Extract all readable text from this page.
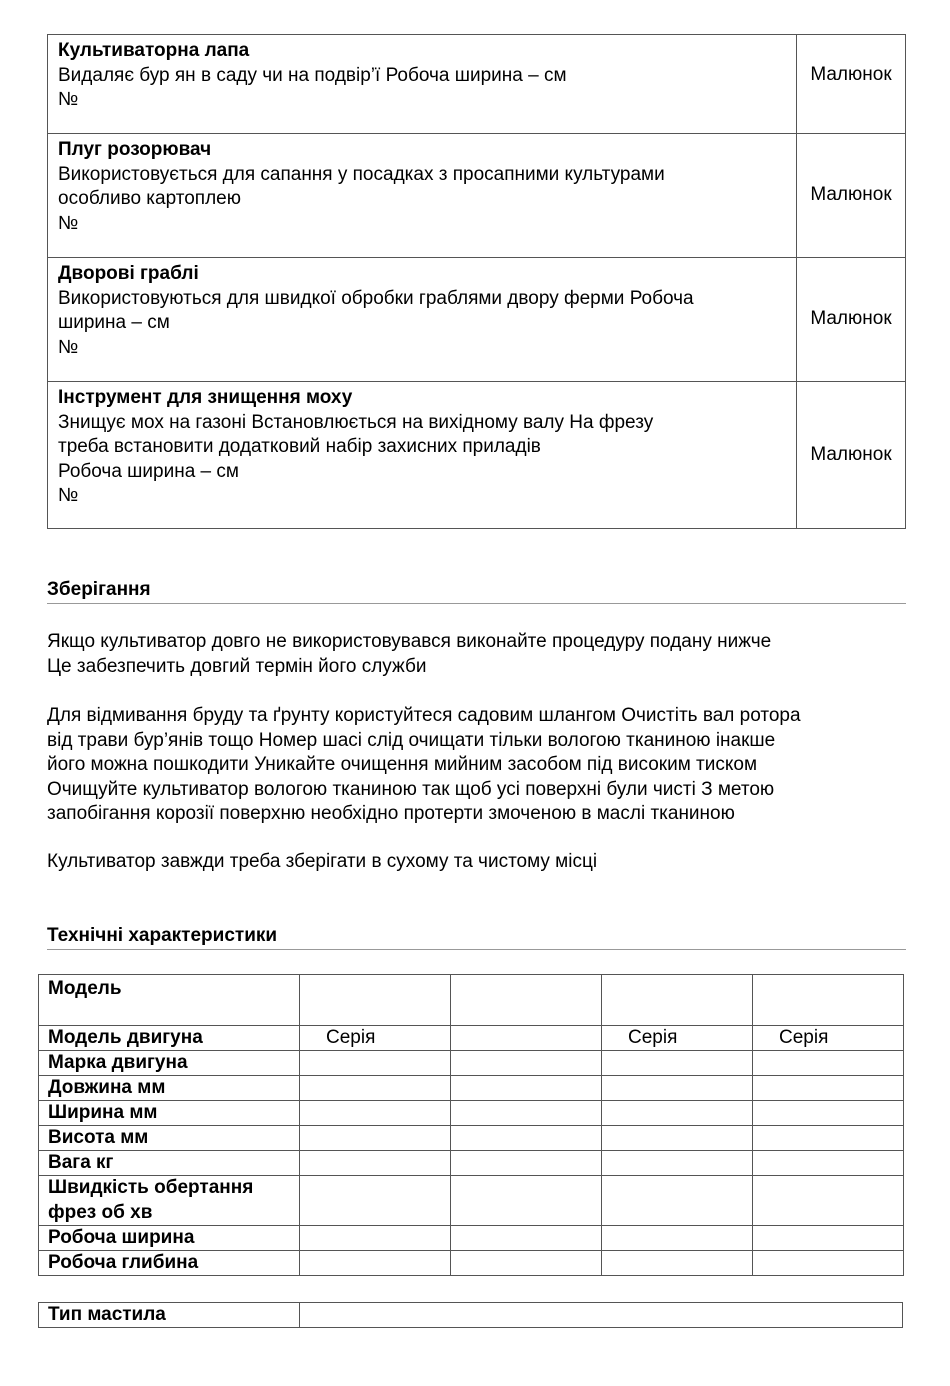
Культиваторна лапа
Видаляє бур ян в саду чи на подвір’ї Робоча ширина – см
№	Малюнок

Плуг розорювач
Використовується для сапання у посадках з просапними культурами
особливо картоплею
№	Малюнок

Дворові граблі
Використовуються для швидкої обробки граблями двору ферми Робоча
ширина – см
№	Малюнок

Інструмент для знищення моху
Знищує мох на газоні Встановлюється на вихідному валу На фрезу
треба встановити додатковий набір захисних приладів
Робоча ширина – см
№	Малюнок
Зберігання
Якщо культиватор довго не використовувався виконайте процедуру подану нижче
Це забезпечить довгий термін його служби
Для відмивання бруду та ґрунту користуйтеся садовим шлангом Очистіть вал ротора
від трави бур’янів тощо Номер шасі слід очищати тільки вологою тканиною інакше
його можна пошкодити Уникайте очищення мийним засобом під високим тиском
Очищуйте культиватор вологою тканиною так щоб усі поверхні були чисті З метою
запобігання корозії поверхню необхідно протерти змоченою в маслі тканиною
Культиватор завжди треба зберігати в сухому та чистому місці
Технічні характеристики
Модель				
Модель двигуна	Серія		Серія	Серія
Марка двигуна				
Довжина мм				
Ширина мм				
Висота мм				
Вага кг				
Швидкість обертання
фрез об хв				
Робоча ширина				
Робоча глибина				
Тип мастила	
